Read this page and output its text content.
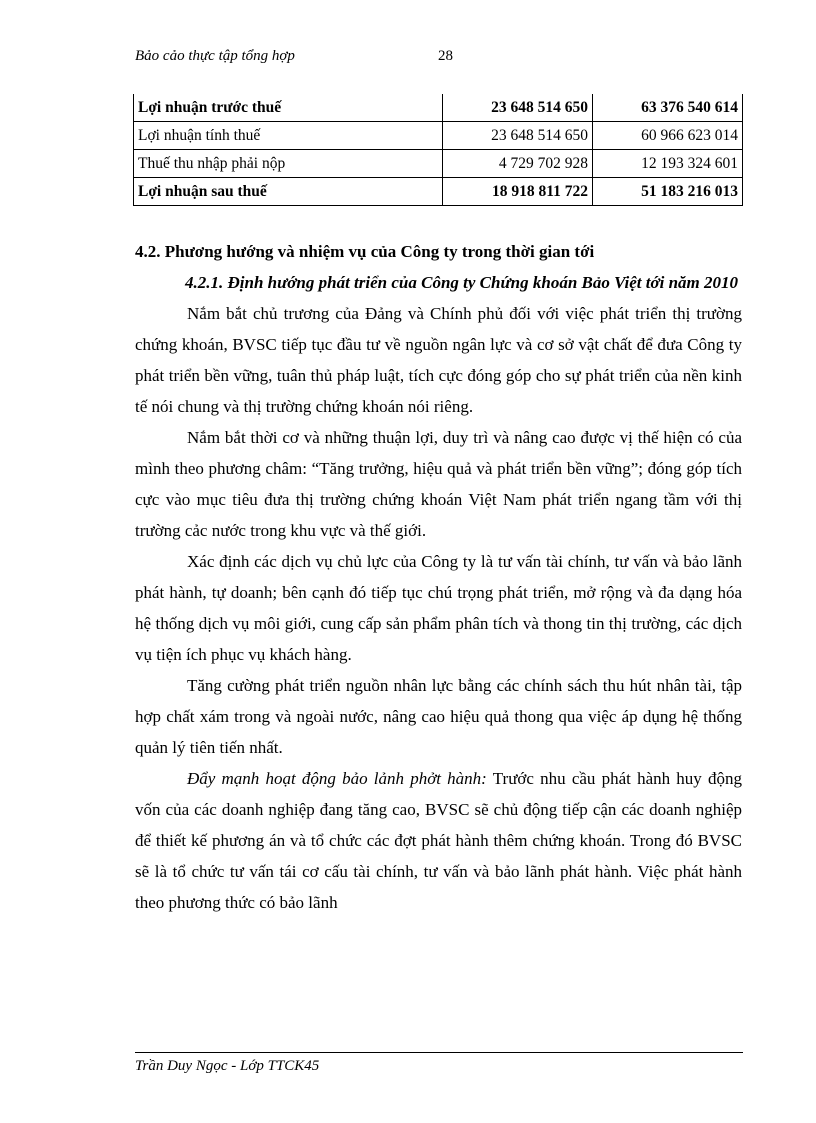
Bảo cảo thực tập tổng hợp	28
Lợi nhuận trước thuế	23 648 514 650	63 376 540 614
Lợi nhuận tính thuế	23 648 514 650	60 966 623 014
Thuế thu nhập phải nộp	4 729 702 928	12 193 324 601
Lợi nhuận sau thuế	18 918 811 722	51 183 216 013
4.2. Phương hướng và nhiệm vụ của Công ty trong thời gian tới
4.2.1. Định hướng phát triển của Công ty Chứng khoán Bảo Việt tới năm 2010

Nắm bắt chủ trương của Đảng và Chính phủ đối với việc phát triển thị trường chứng khoán, BVSC tiếp tục đầu tư về nguồn ngân lực và cơ sở vật chất để đưa Công ty phát triển bền vững, tuân thủ pháp luật, tích cực đóng góp cho sự phát triển của nền kinh tế nói chung và thị trường chứng khoán nói riêng.

Nắm bắt thời cơ và những thuận lợi, duy trì và nâng cao được vị thế hiện có của mình theo phương châm: “Tăng trưởng, hiệu quả và phát triển bền vững”; đóng góp tích cực vào mục tiêu đưa thị trường chứng khoán Việt Nam phát triển ngang tầm với thị trường cảc nước trong khu vực và thế giới.

Xác định các dịch vụ chủ lực của Công ty là tư vấn tài chính, tư vấn và bảo lãnh phát hành, tự doanh; bên cạnh đó tiếp tục chú trọng phát triển, mở rộng và đa dạng hóa hệ thống dịch vụ môi giới, cung cấp sản phẩm phân tích và thong tin thị trường, các dịch vụ tiện ích phục vụ khách hàng.

Tăng cường phát triển nguồn nhân lực bằng các chính sách thu hút nhân tài, tập hợp chất xám trong và ngoài nước, nâng cao hiệu quả thong qua việc áp dụng hệ thống quản lý tiên tiến nhất.

Đẩy mạnh hoạt động bảo lảnh phởt hành: Trước nhu cầu phát hành huy động vốn của các doanh nghiệp đang tăng cao, BVSC sẽ chủ động tiếp cận các doanh nghiệp để thiết kế phương án và tổ chức các đợt phát hành thêm chứng khoán. Trong đó BVSC sẽ là tổ chức tư vấn tái cơ cấu tài chính, tư vấn và bảo lãnh phát hành. Việc phát hành theo phương thức có bảo lãnh

Trần Duy Ngọc - Lớp TTCK45
